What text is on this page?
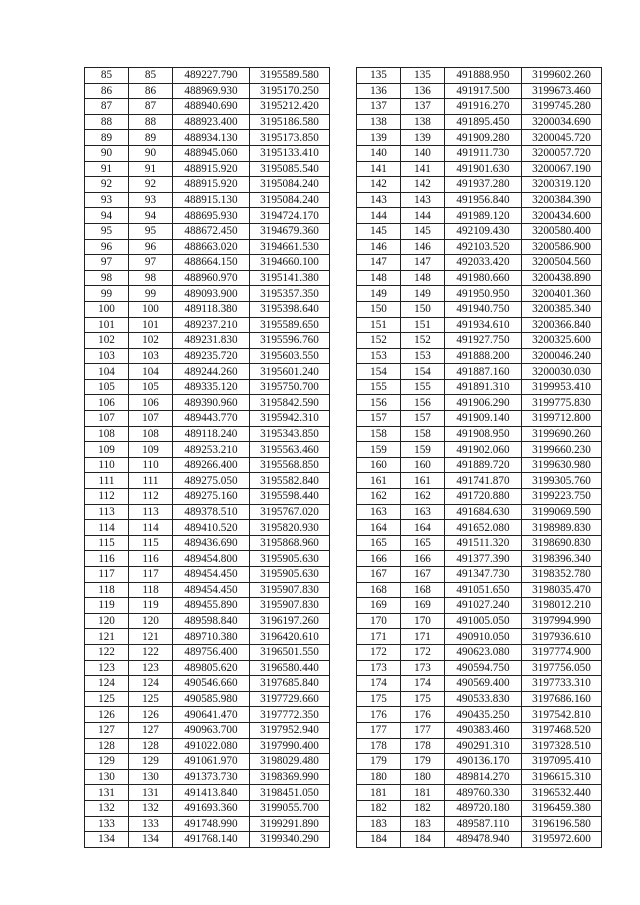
85	85	489227.790	3195589.580
86	86	488969.930	3195170.250
87	87	488940.690	3195212.420
88	88	488923.400	3195186.580
89	89	488934.130	3195173.850
90	90	488945.060	3195133.410
91	91	488915.920	3195085.540
92	92	488915.920	3195084.240
93	93	488915.130	3195084.240
94	94	488695.930	3194724.170
95	95	488672.450	3194679.360
96	96	488663.020	3194661.530
97	97	488664.150	3194660.100
98	98	488960.970	3195141.380
99	99	489093.900	3195357.350
100	100	489118.380	3195398.640
101	101	489237.210	3195589.650
102	102	489231.830	3195596.760
103	103	489235.720	3195603.550
104	104	489244.260	3195601.240
105	105	489335.120	3195750.700
106	106	489390.960	3195842.590
107	107	489443.770	3195942.310
108	108	489118.240	3195343.850
109	109	489253.210	3195563.460
110	110	489266.400	3195568.850
111	111	489275.050	3195582.840
112	112	489275.160	3195598.440
113	113	489378.510	3195767.020
114	114	489410.520	3195820.930
115	115	489436.690	3195868.960
116	116	489454.800	3195905.630
117	117	489454.450	3195905.630
118	118	489454.450	3195907.830
119	119	489455.890	3195907.830
120	120	489598.840	3196197.260
121	121	489710.380	3196420.610
122	122	489756.400	3196501.550
123	123	489805.620	3196580.440
124	124	490546.660	3197685.840
125	125	490585.980	3197729.660
126	126	490641.470	3197772.350
127	127	490963.700	3197952.940
128	128	491022.080	3197990.400
129	129	491061.970	3198029.480
130	130	491373.730	3198369.990
131	131	491413.840	3198451.050
132	132	491693.360	3199055.700
133	133	491748.990	3199291.890
134	134	491768.140	3199340.290
135	135	491888.950	3199602.260
136	136	491917.500	3199673.460
137	137	491916.270	3199745.280
138	138	491895.450	3200034.690
139	139	491909.280	3200045.720
140	140	491911.730	3200057.720
141	141	491901.630	3200067.190
142	142	491937.280	3200319.120
143	143	491956.840	3200384.390
144	144	491989.120	3200434.600
145	145	492109.430	3200580.400
146	146	492103.520	3200586.900
147	147	492033.420	3200504.560
148	148	491980.660	3200438.890
149	149	491950.950	3200401.360
150	150	491940.750	3200385.340
151	151	491934.610	3200366.840
152	152	491927.750	3200325.600
153	153	491888.200	3200046.240
154	154	491887.160	3200030.030
155	155	491891.310	3199953.410
156	156	491906.290	3199775.830
157	157	491909.140	3199712.800
158	158	491908.950	3199690.260
159	159	491902.060	3199660.230
160	160	491889.720	3199630.980
161	161	491741.870	3199305.760
162	162	491720.880	3199223.750
163	163	491684.630	3199069.590
164	164	491652.080	3198989.830
165	165	491511.320	3198690.830
166	166	491377.390	3198396.340
167	167	491347.730	3198352.780
168	168	491051.650	3198035.470
169	169	491027.240	3198012.210
170	170	491005.050	3197994.990
171	171	490910.050	3197936.610
172	172	490623.080	3197774.900
173	173	490594.750	3197756.050
174	174	490569.400	3197733.310
175	175	490533.830	3197686.160
176	176	490435.250	3197542.810
177	177	490383.460	3197468.520
178	178	490291.310	3197328.510
179	179	490136.170	3197095.410
180	180	489814.270	3196615.310
181	181	489760.330	3196532.440
182	182	489720.180	3196459.380
183	183	489587.110	3196196.580
184	184	489478.940	3195972.600
